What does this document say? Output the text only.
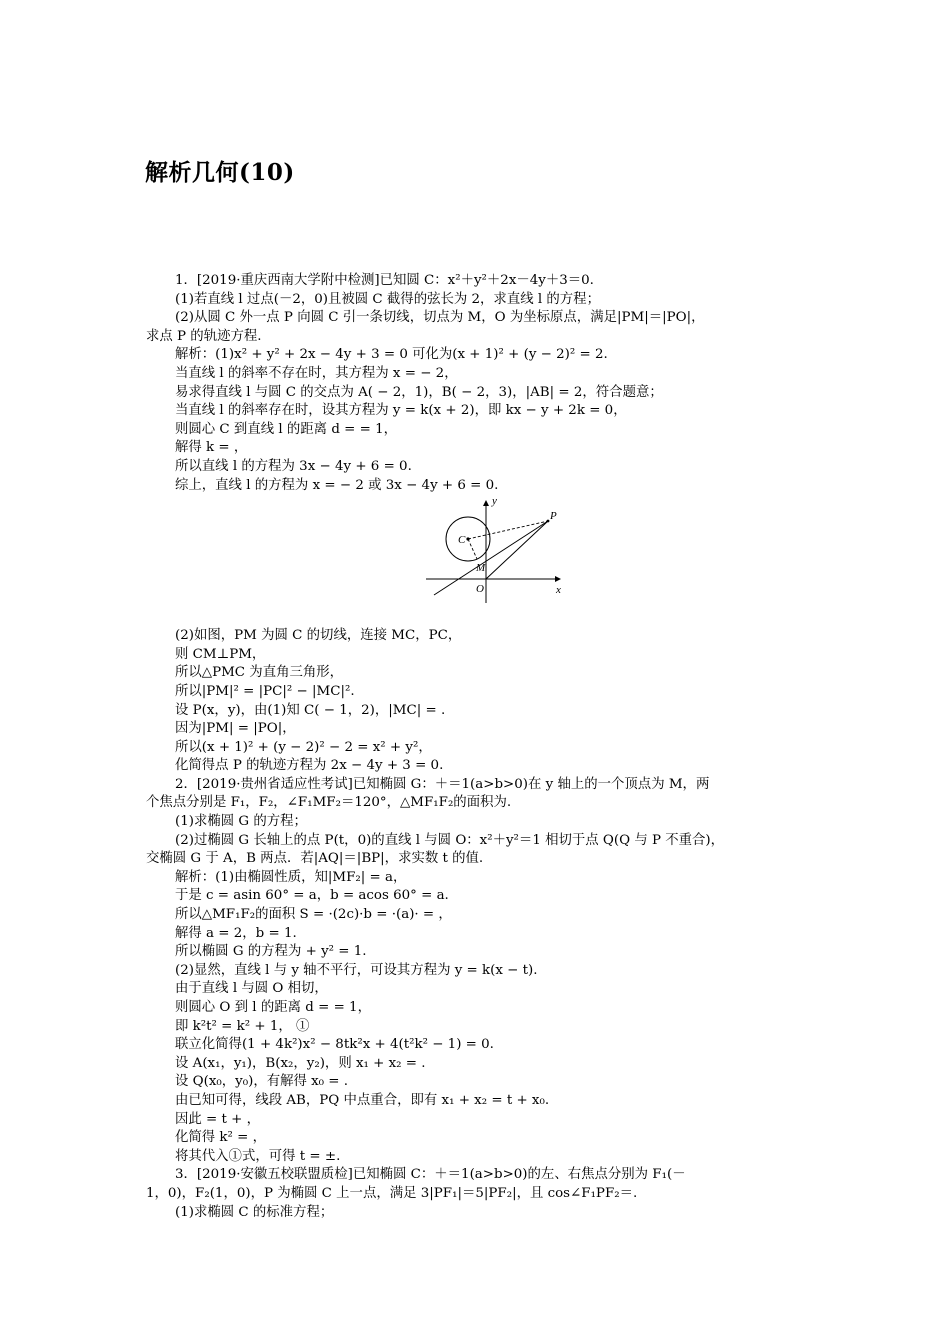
解析几何(10)
1．[2019·重庆西南大学附中检测]已知圆 C：x²＋y²＋2x－4y＋3＝0.
(1)若直线 l 过点(－2，0)且被圆 C 截得的弦长为 2，求直线 l 的方程；
(2)从圆 C 外一点 P 向圆 C 引一条切线，切点为 M，O 为坐标原点，满足|PM|＝|PO|，
求点 P 的轨迹方程.
解析：(1)x² + y² + 2x − 4y + 3 = 0 可化为(x + 1)² + (y − 2)² = 2.
当直线 l 的斜率不存在时，其方程为 x = − 2，
易求得直线 l 与圆 C 的交点为 A( − 2，1)，B( − 2，3)，|AB| = 2，符合题意；
当直线 l 的斜率存在时，设其方程为 y = k(x + 2)，即 kx − y + 2k = 0，
则圆心 C 到直线 l 的距离 d = = 1，
解得 k = ，
所以直线 l 的方程为 3x − 4y + 6 = 0.
综上，直线 l 的方程为 x = − 2 或 3x − 4y + 6 = 0.
y
P
C
M
O	x
(2)如图，PM 为圆 C 的切线，连接 MC，PC，
则 CM⊥PM，
所以△PMC 为直角三角形，
所以|PM|² = |PC|² − |MC|².
设 P(x，y)，由(1)知 C( − 1，2)，|MC| = .
因为|PM| = |PO|，
所以(x + 1)² + (y − 2)² − 2 = x² + y²，
化简得点 P 的轨迹方程为 2x − 4y + 3 = 0.
2．[2019·贵州省适应性考试]已知椭圆 G：＋＝1(a>b>0)在 y 轴上的一个顶点为 M，两
个焦点分别是 F₁，F₂，∠F₁MF₂＝120°，△MF₁F₂的面积为.
(1)求椭圆 G 的方程；
(2)过椭圆 G 长轴上的点 P(t，0)的直线 l 与圆 O：x²＋y²＝1 相切于点 Q(Q 与 P 不重合)，
交椭圆 G 于 A，B 两点．若|AQ|＝|BP|，求实数 t 的值.
解析：(1)由椭圆性质，知|MF₂| = a，
于是 c = asin 60° = a，b = acos 60° = a.
所以△MF₁F₂的面积 S = ·(2c)·b = ·(a)· = ，
解得 a = 2，b = 1.
所以椭圆 G 的方程为 + y² = 1.
(2)显然，直线 l 与 y 轴不平行，可设其方程为 y = k(x − t).
由于直线 l 与圆 O 相切，
则圆心 O 到 l 的距离 d = = 1，
即 k²t² = k² + 1， ①
联立化简得(1 + 4k²)x² − 8tk²x + 4(t²k² − 1) = 0.
设 A(x₁，y₁)，B(x₂，y₂)，则 x₁ + x₂ = .
设 Q(x₀，y₀)，有解得 x₀ = .
由已知可得，线段 AB，PQ 中点重合，即有 x₁ + x₂ = t + x₀.
因此 = t + ，
化简得 k² = ，
将其代入①式，可得 t = ±.
3．[2019·安徽五校联盟质检]已知椭圆 C：＋＝1(a>b>0)的左、右焦点分别为 F₁(－
1，0)，F₂(1，0)，P 为椭圆 C 上一点，满足 3|PF₁|＝5|PF₂|，且 cos∠F₁PF₂＝.
(1)求椭圆 C 的标准方程；
